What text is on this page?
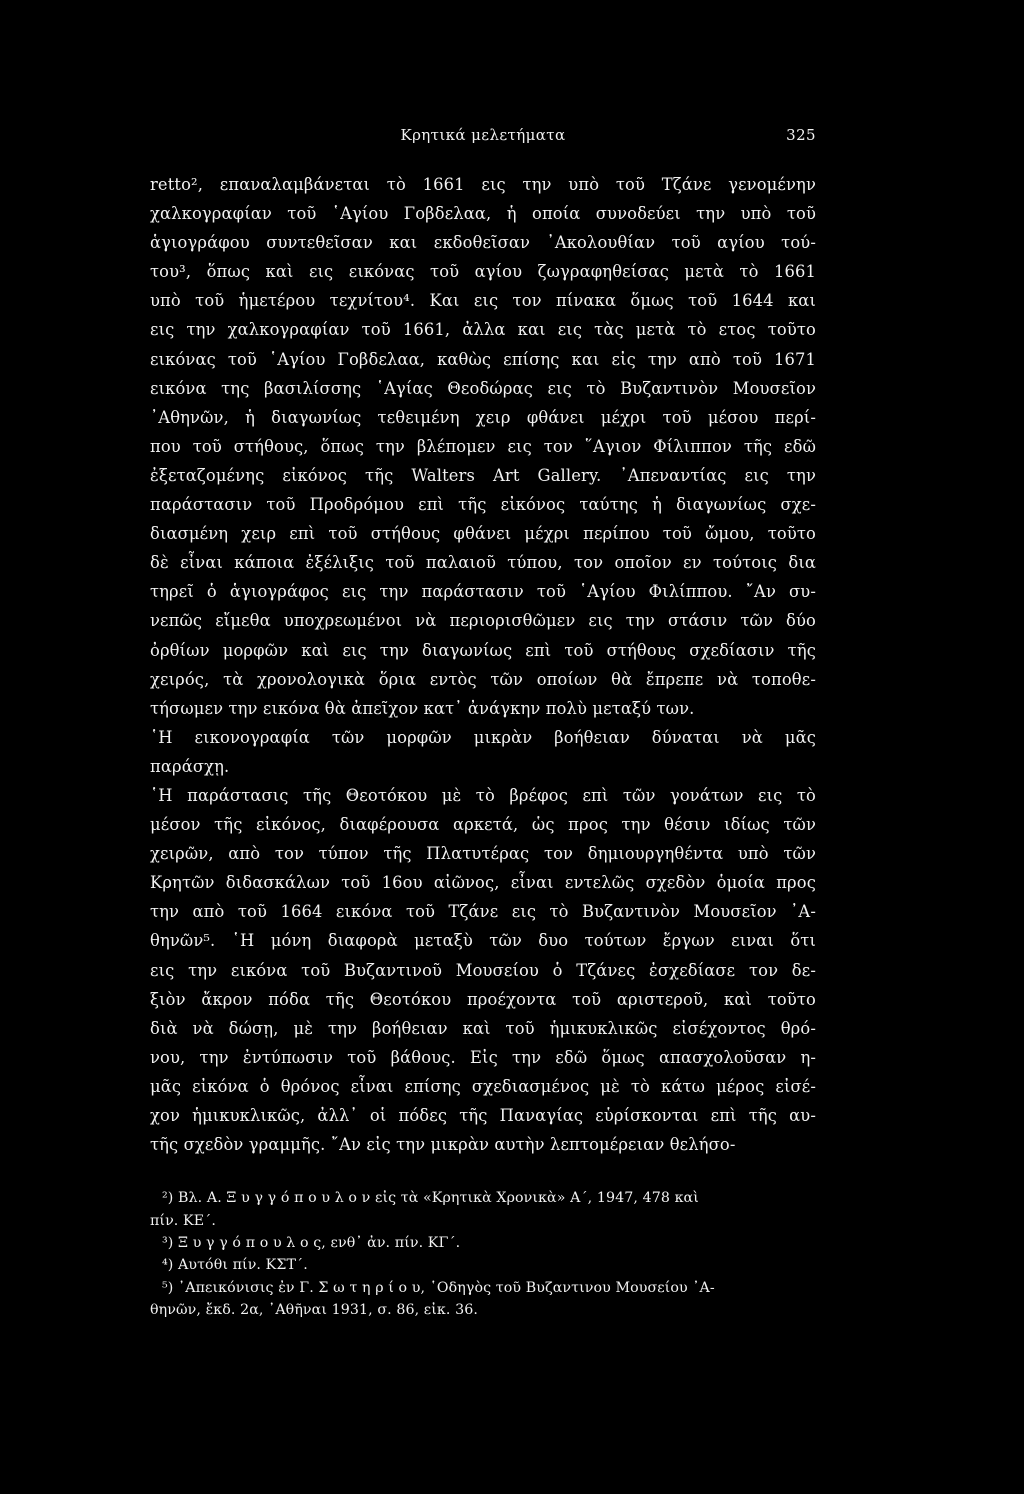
Κρητικά μελετήματα	325

retto², επαναλαμβάνεται τὸ 1661 εις την υπὸ τοῦ Τζάνε γενομένην

χαλκογραφίαν τοῦ ῾Αγίου Γοβδελαα, ἡ οποία συνοδεύει την υπὸ τοῦ

ἁγιογράφου συντεθεῖσαν και εκδοθεῖσαν ᾿Ακολουθίαν τοῦ αγίου τού-

του³, ὅπως καὶ εις εικόνας τοῦ αγίου ζωγραφηθείσας μετὰ τὸ 1661

υπὸ τοῦ ἡμετέρου τεχνίτου⁴. Και εις τον πίνακα ὅμως τοῦ 1644 και

εις την χαλκογραφίαν τοῦ 1661, ἀλλα και εις τὰς μετὰ τὸ ετος τοῦτο

εικόνας τοῦ ῾Αγίου Γοβδελαα, καθὼς επίσης και εἰς την απὸ τοῦ 1671

εικόνα της βασιλίσσης ῾Αγίας Θεοδώρας εις τὸ Βυζαντινὸν Μουσεῖον

᾿Αθηνῶν, ἡ διαγωνίως τεθειμένη χειρ φθάνει μέχρι τοῦ μέσου περί-

που τοῦ στήθους, ὅπως την βλέπομεν εις τον ῞Αγιον Φίλιππον τῆς εδῶ

ἐξεταζομένης εἰκόνος τῆς Walters Art Gallery. ᾿Απεναντίας εις την

παράστασιν τοῦ Προδρόμου επὶ τῆς εἰκόνος ταύτης ἡ διαγωνίως σχε-

διασμένη χειρ επὶ τοῦ στήθους φθάνει μέχρι περίπου τοῦ ὤμου, τοῦτο

δὲ εἶναι κάποια ἐξέλιξις τοῦ παλαιοῦ τύπου, τον οποῖον εν τούτοις δια

τηρεῖ ὁ ἁγιογράφος εις την παράστασιν τοῦ ῾Αγίου Φιλίππου. ῎Αν συ-

νεπῶς εἴμεθα υποχρεωμένοι νὰ περιορισθῶμεν εις την στάσιν τῶν δύο

ὀρθίων μορφῶν καὶ εις την διαγωνίως επὶ τοῦ στήθους σχεδίασιν τῆς

χειρός, τὰ χρονολογικὰ ὅρια εντὸς τῶν οποίων θὰ ἔπρεπε νὰ τοποθε-

τήσωμεν την εικόνα θὰ ἀπεῖχον κατ᾿ ἀνάγκην πολὺ μεταξύ των.

῾Η εικονογραφία τῶν μορφῶν μικρὰν βοήθειαν δύναται νὰ μᾶς

παράσχῃ.

῾Η παράστασις τῆς Θεοτόκου μὲ τὸ βρέφος επὶ τῶν γονάτων εις τὸ

μέσον τῆς εἰκόνος, διαφέρουσα αρκετά, ὡς προς την θέσιν ιδίως τῶν

χειρῶν, απὸ τον τύπον τῆς Πλατυτέρας τον δημιουργηθέντα υπὸ τῶν

Κρητῶν διδασκάλων τοῦ 16ου αἰῶνος, εἶναι εντελῶς σχεδὸν ὁμοία προς

την απὸ τοῦ 1664 εικόνα τοῦ Τζάνε εις τὸ Βυζαντινὸν Μουσεῖον ᾿Α-

θηνῶν⁵. ῾Η μόνη διαφορὰ μεταξὺ τῶν δυο τούτων ἔργων ειναι ὅτι

εις την εικόνα τοῦ Βυζαντινοῦ Μουσείου ὁ Τζάνες ἐσχεδίασε τον δε-

ξιὸν ἄκρον πόδα τῆς Θεοτόκου προέχοντα τοῦ αριστεροῦ, καὶ τοῦτο

διὰ νὰ δώσῃ, μὲ την βοήθειαν καὶ τοῦ ἡμικυκλικῶς εἰσέχοντος θρό-

νου, την ἐντύπωσιν τοῦ βάθους. Εἰς την εδῶ ὅμως απασχολοῦσαν η-

μᾶς εἰκόνα ὁ θρόνος εἶναι επίσης σχεδιασμένος μὲ τὸ κάτω μέρος εἰσέ-

χον ἡμικυκλικῶς, ἀλλ᾿ οἱ πόδες τῆς Παναγίας εὑρίσκονται επὶ τῆς αυ-

τῆς σχεδὸν γραμμῆς. ῎Αν εἰς την μικρὰν αυτὴν λεπτομέρειαν θελήσο-

²) Βλ. Α. Ξ υ γ γ ό π ο υ λ ο ν εἰς τὰ «Κρητικὰ Χρονικὰ» Α΄, 1947, 478 καὶ

πίν. ΚΕ΄.

³) Ξ υ γ γ ό π ο υ λ ο ς, ενθ᾿ ἀν. πίν. ΚΓ΄.

⁴) Αυτόθι πίν. ΚΣΤ΄.

⁵) ᾿Απεικόνισις ἐν Γ. Σ ω τ η ρ ί ο υ, ῾Οδηγὸς τοῦ Βυζαντινου Μουσείου ᾿Α-

θηνῶν, ἔκδ. 2α, ᾿Αθῆναι 1931, σ. 86, εἰκ. 36.
